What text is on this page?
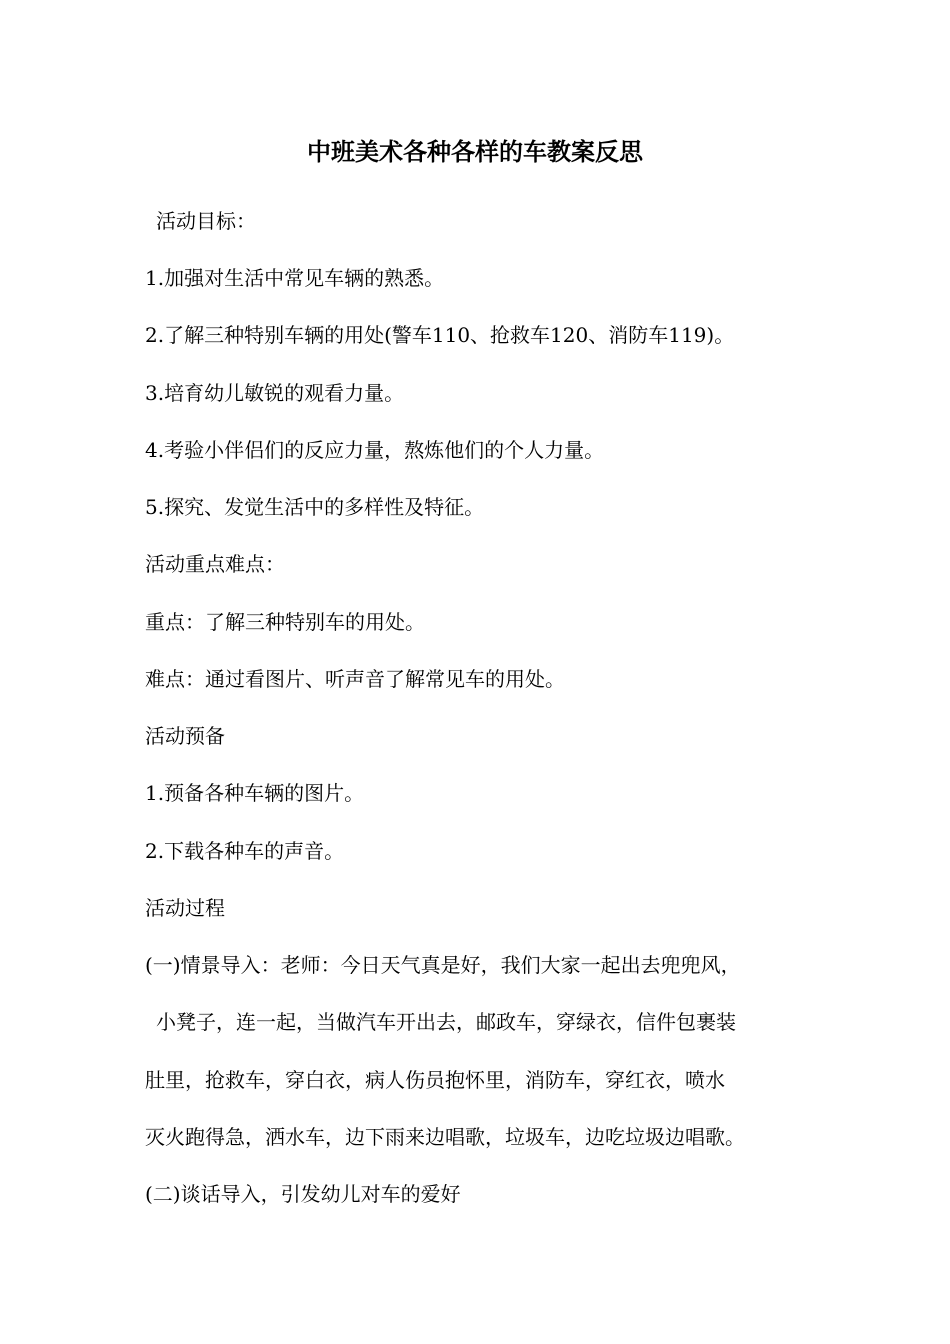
中班美术各种各样的车教案反思

活动目标：

1.加强对生活中常见车辆的熟悉。

2.了解三种特别车辆的用处(警车110、抢救车120、消防车119)。

3.培育幼儿敏锐的观看力量。

4.考验小伴侣们的反应力量，熬炼他们的个人力量。

5.探究、发觉生活中的多样性及特征。

活动重点难点：

重点：了解三种特别车的用处。

难点：通过看图片、听声音了解常见车的用处。

活动预备

1.预备各种车辆的图片。

2.下载各种车的声音。

活动过程

(一)情景导入：老师：今日天气真是好，我们大家一起出去兜兜风，

小凳子，连一起，当做汽车开出去，邮政车，穿绿衣，信件包裹装

肚里，抢救车，穿白衣，病人伤员抱怀里，消防车，穿红衣，喷水

灭火跑得急，洒水车，边下雨来边唱歌，垃圾车，边吃垃圾边唱歌。

(二)谈话导入，引发幼儿对车的爱好
